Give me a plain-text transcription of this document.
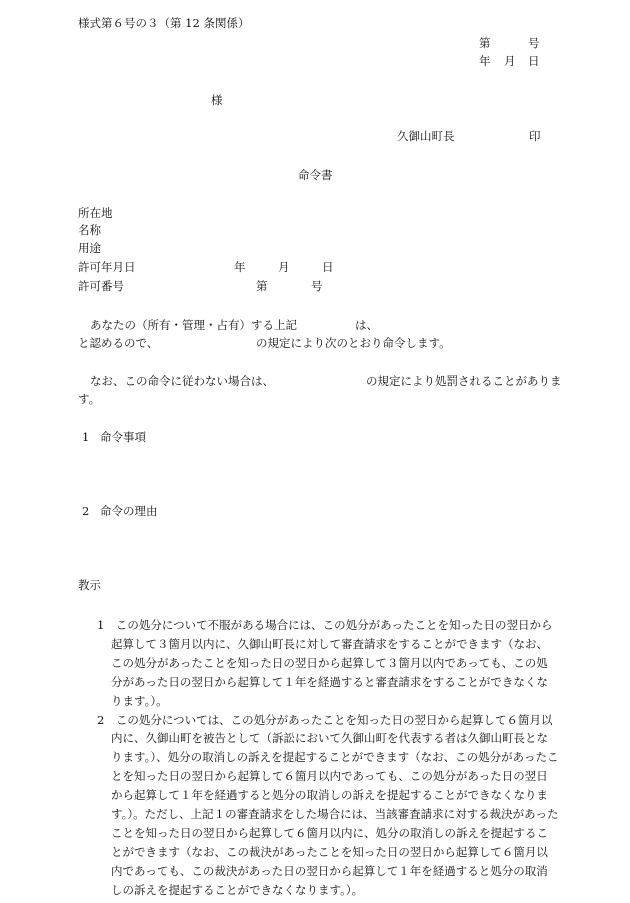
様式第６号の３（第 12 条関係）
第	号
年 月 日
様
久御山町長	印
命令書
所在地
名称
用途
許可年月日	年	月	日
許可番号	第	号
あなたの（所有・管理・占有）する上記	は、
と認めるので、	の規定により次のとおり命令します。
なお、この命令に従わない場合は、	の規定により処罰されることがありま
す。
1 命令事項
2 命令の理由
教示

1　この処分について不服がある場合には、この処分があったことを知った日の翌日から起算して３箇月以内に、久御山町長に対して審査請求をすることができます（なお、この処分があったことを知った日の翌日から起算して３箇月以内であっても、この処分があった日の翌日から起算して１年を経過すると審査請求をすることができなくなります。）。

2　この処分については、この処分があったことを知った日の翌日から起算して６箇月以内に、久御山町を被告として（訴訟において久御山町を代表する者は久御山町長となります。）、処分の取消しの訴えを提起することができます（なお、この処分があったことを知った日の翌日から起算して６箇月以内であっても、この処分があった日の翌日から起算して１年を経過すると処分の取消しの訴えを提起することができなくなります。）。ただし、上記１の審査請求をした場合には、当該審査請求に対する裁決があったことを知った日の翌日から起算して６箇月以内に、処分の取消しの訴えを提起することができます（なお、この裁決があったことを知った日の翌日から起算して６箇月以内であっても、この裁決があった日の翌日から起算して１年を経過すると処分の取消しの訴えを提起することができなくなります。）。
